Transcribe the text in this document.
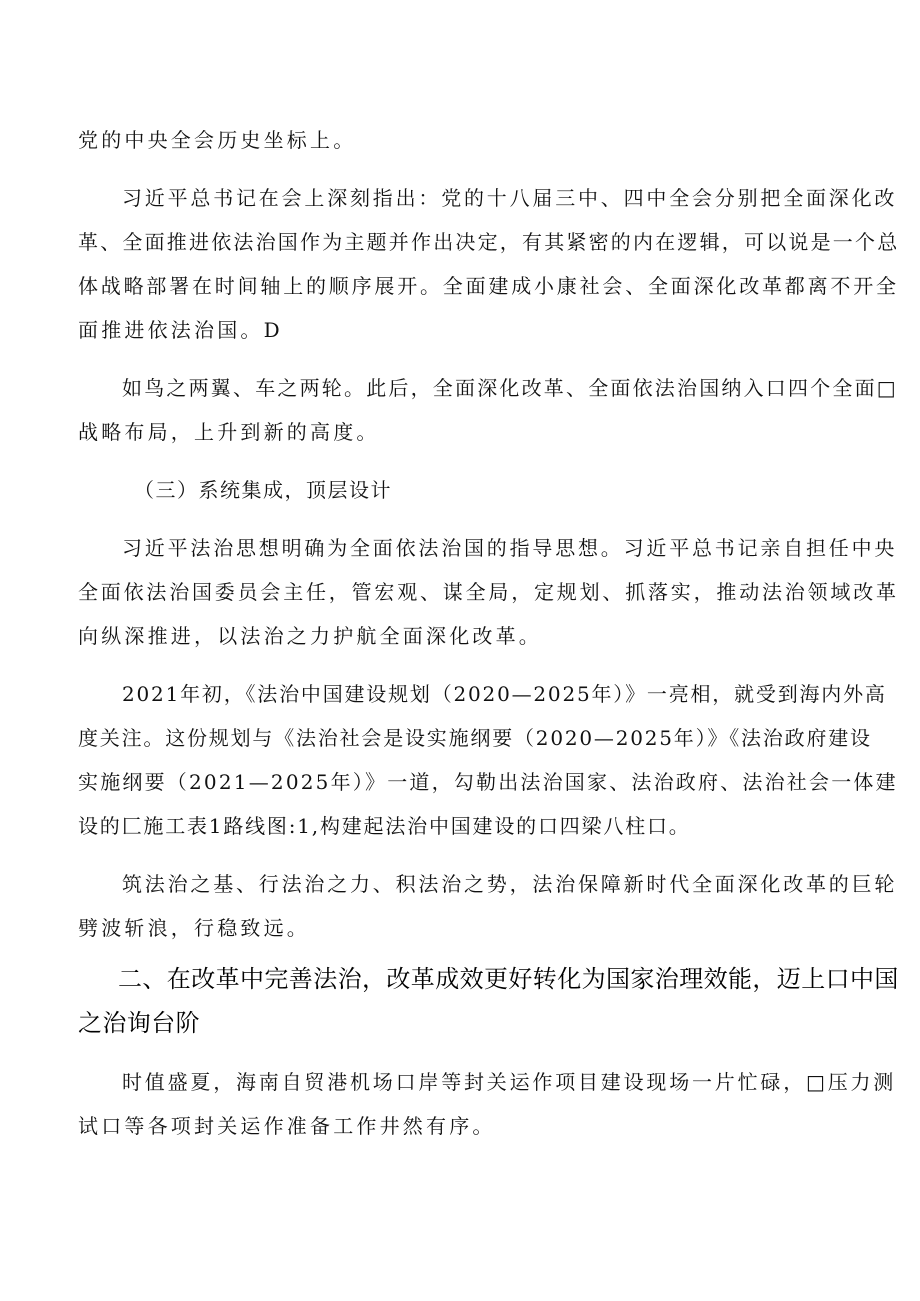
党的中央全会历史坐标上。
习近平总书记在会上深刻指出：党的十八届三中、四中全会分别把全面深化改
革、全面推进依法治国作为主题并作出决定，有其紧密的内在逻辑，可以说是一个总
体战略部署在时间轴上的顺序展开。全面建成小康社会、全面深化改革都离不开全
面推进依法治国。D
如鸟之两翼、车之两轮。此后，全面深化改革、全面依法治国纳入口四个全面□
战略布局，上升到新的高度。
（三）系统集成，顶层设计
习近平法治思想明确为全面依法治国的指导思想。习近平总书记亲自担任中央
全面依法治国委员会主任，管宏观、谋全局，定规划、抓落实，推动法治领域改革
向纵深推进，以法治之力护航全面深化改革。
2021年初，《法治中国建设规划（2020—2025年）》一亮相，就受到海内外高
度关注。这份规划与《法治社会是设实施纲要（2020—2025年）》《法治政府建设
实施纲要（2021—2025年）》一道，勾勒出法治国家、法治政府、法治社会一体建
设的匚施工表1路线图:1,构建起法治中国建设的口四梁八柱口。
筑法治之基、行法治之力、积法治之势，法治保障新时代全面深化改革的巨轮
劈波斩浪，行稳致远。
二、在改革中完善法治，改革成效更好转化为国家治理效能，迈上口中国
之治询台阶
时值盛夏，海南自贸港机场口岸等封关运作项目建设现场一片忙碌，□压力测
试口等各项封关运作准备工作井然有序。
